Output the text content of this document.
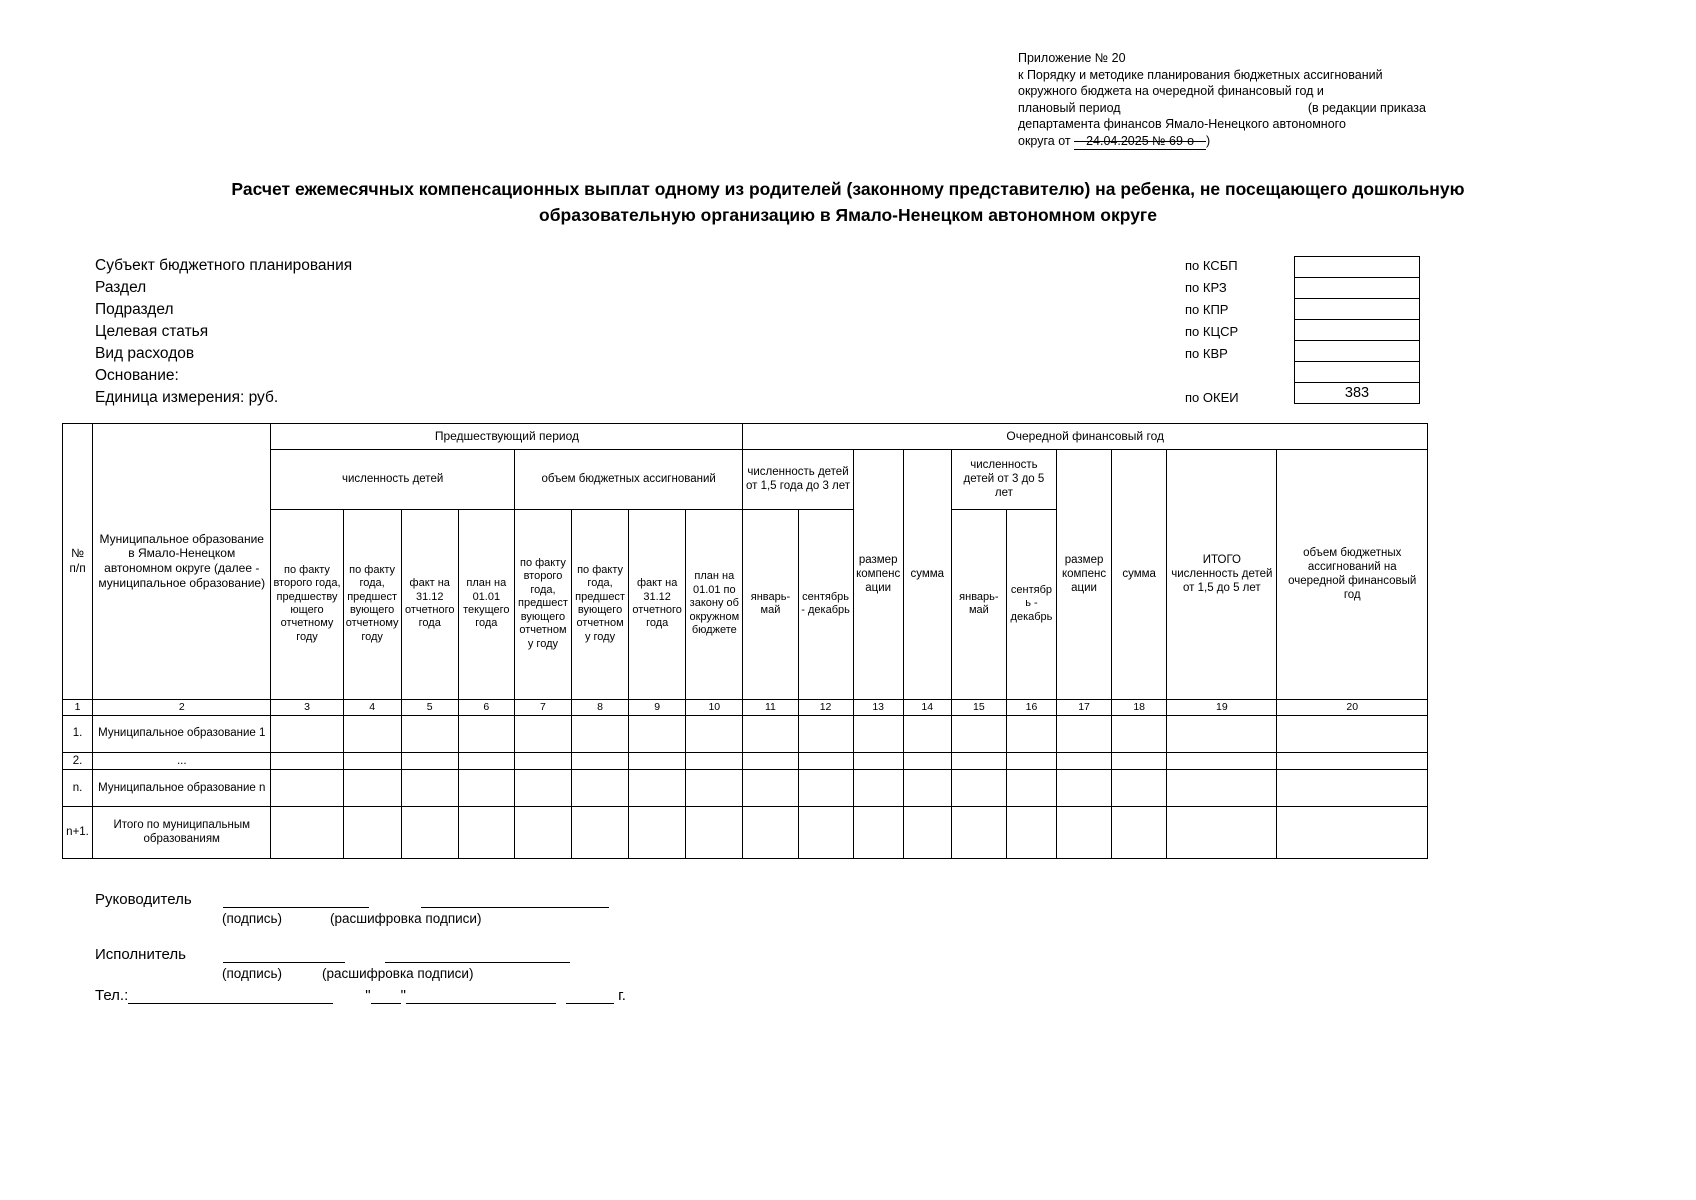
Приложение № 20
к Порядку и методике планирования бюджетных ассигнований
окружного бюджета на очередной финансовый год и
плановый период	(в редакции приказа
департамента финансов Ямало-Ненецкого автономного
округа от 24.04.2025 № 69-о )
Расчет ежемесячных компенсационных выплат одному из родителей (законному представителю) на ребенка, не посещающего дошкольную
образовательную организацию в Ямало-Ненецком автономном округе
Субъект бюджетного планирования	по КСБП
Раздел	по КРЗ
Подраздел	по КПР
Целевая статья	по КЦСР
Вид расходов	по КВР
Основание:
Единица измерения: руб.	по ОКЕИ	383
№ п/п	Муниципальное образование в Ямало-Ненецком автономном округе (далее - муниципальное образование)	Предшествующий период								Очередной финансовый год									
		численность детей				объем бюджетных ассигнований				численность детей от 1,5 года до 3 лет		размер компенсации	сумма	численность детей от 3 до 5 лет		размер компенсации	сумма	ИТОГО численность детей от 1,5 до 5 лет	объем бюджетных ассигнований на очередной финансовый год
		по факту второго года, предшествующего отчетному году	по факту года, предшествующего отчетному году	факт на 31.12 отчетного года	план на 01.01 текущего года	по факту второго года, предшествующего отчетному году	по факту года, предшествующего отчетному году	факт на 31.12 отчетного года	план на 01.01 по закону об окружном бюджете	январь-май	сентябрь - декабрь			январь-май	сентябрь - декабрь				
1	2	3	4	5	6	7	8	9	10	11	12	13	14	15	16	17	18	19	20
1.	Муниципальное образование 1																		
2.	...																		
n.	Муниципальное образование n																		
n+1.	Итого по муниципальным образованиям																		
Руководитель
(подпись)	(расшифровка подписи)
Исполнитель
(подпись)	(расшифровка подписи)
Тел.:	" "	г.
